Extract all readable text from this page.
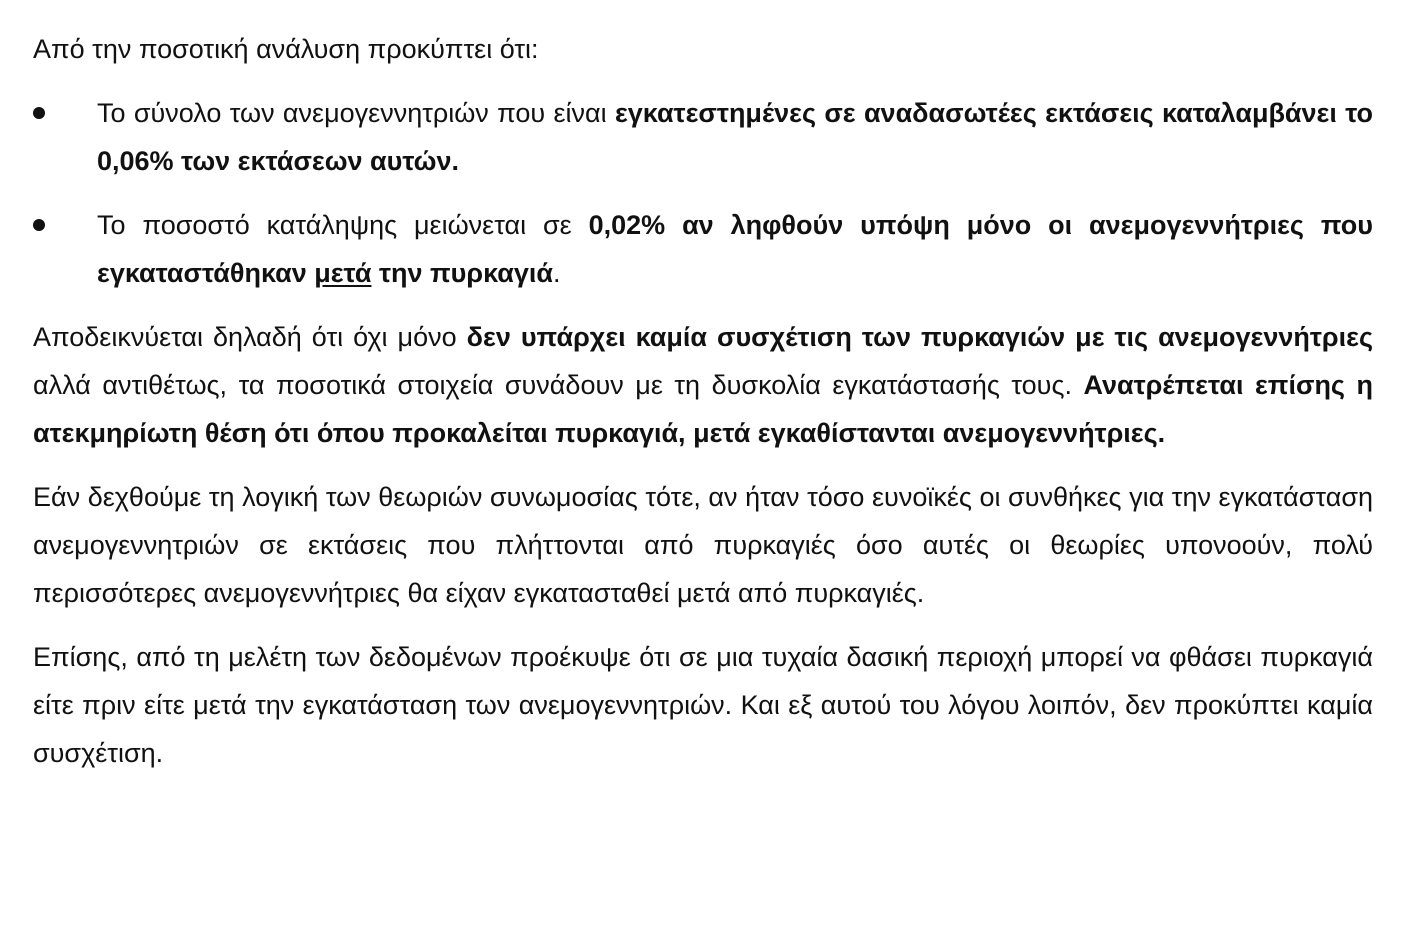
Από την ποσοτική ανάλυση προκύπτει ότι:

Το σύνολο των ανεμογεννητριών που είναι εγκατεστημένες σε αναδασωτέες εκτάσεις καταλαμβάνει το 0,06% των εκτάσεων αυτών.
Το ποσοστό κατάληψης μειώνεται σε 0,02% αν ληφθούν υπόψη μόνο οι ανεμογεννήτριες που εγκαταστάθηκαν μετά την πυρκαγιά.

Αποδεικνύεται δηλαδή ότι όχι μόνο δεν υπάρχει καμία συσχέτιση των πυρκαγιών με τις ανεμογεννήτριες αλλά αντιθέτως, τα ποσοτικά στοιχεία συνάδουν με τη δυσκολία εγκατάστασής τους. Ανατρέπεται επίσης η ατεκμηρίωτη θέση ότι όπου προκαλείται πυρκαγιά, μετά εγκαθίστανται ανεμογεννήτριες.

Εάν δεχθούμε τη λογική των θεωριών συνωμοσίας τότε, αν ήταν τόσο ευνοϊκές οι συνθήκες για την εγκατάσταση ανεμογεννητριών σε εκτάσεις που πλήττονται από πυρκαγιές όσο αυτές οι θεωρίες υπονοούν, πολύ περισσότερες ανεμογεννήτριες θα είχαν εγκατασταθεί μετά από πυρκαγιές.

Επίσης, από τη μελέτη των δεδομένων προέκυψε ότι σε μια τυχαία δασική περιοχή μπορεί να φθάσει πυρκαγιά είτε πριν είτε μετά την εγκατάσταση των ανεμογεννητριών. Και εξ αυτού του λόγου λοιπόν, δεν προκύπτει καμία συσχέτιση.
